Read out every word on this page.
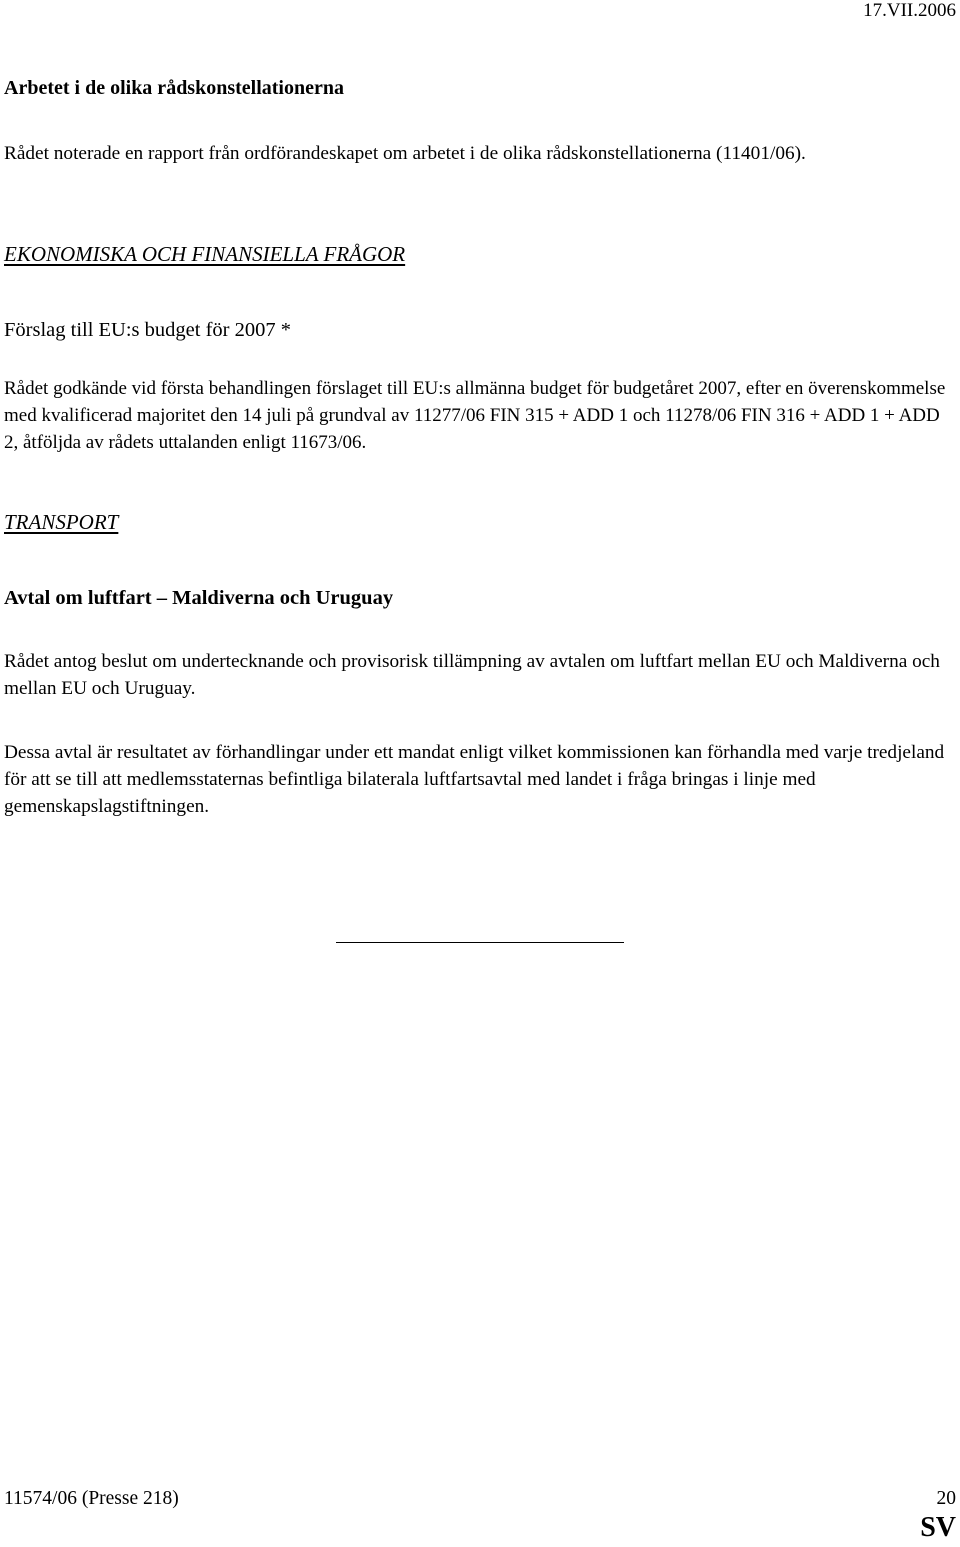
17.VII.2006
Arbetet i de olika rådskonstellationerna

Rådet noterade en rapport från ordförandeskapet om arbetet i de olika rådskonstellationerna (11401/06).

EKONOMISKA OCH FINANSIELLA FRÅGOR
Förslag till EU:s budget för 2007 *

Rådet godkände vid första behandlingen förslaget till EU:s allmänna budget för budgetåret 2007, efter en överenskommelse med kvalificerad majoritet den 14 juli på grundval av 11277/06 FIN 315 + ADD 1 och 11278/06 FIN 316 + ADD 1 + ADD 2, åtföljda av rådets uttalanden enligt 11673/06.

TRANSPORT
Avtal om luftfart – Maldiverna och Uruguay

Rådet antog beslut om undertecknande och provisorisk tillämpning av avtalen om luftfart mellan EU och Maldiverna och mellan EU och Uruguay.

Dessa avtal är resultatet av förhandlingar under ett mandat enligt vilket kommissionen kan förhandla med varje tredjeland för att se till att medlemsstaternas befintliga bilaterala luftfartsavtal med landet i fråga bringas i linje med gemenskapslagstiftningen.

11574/06 (Presse 218)	20
SV
